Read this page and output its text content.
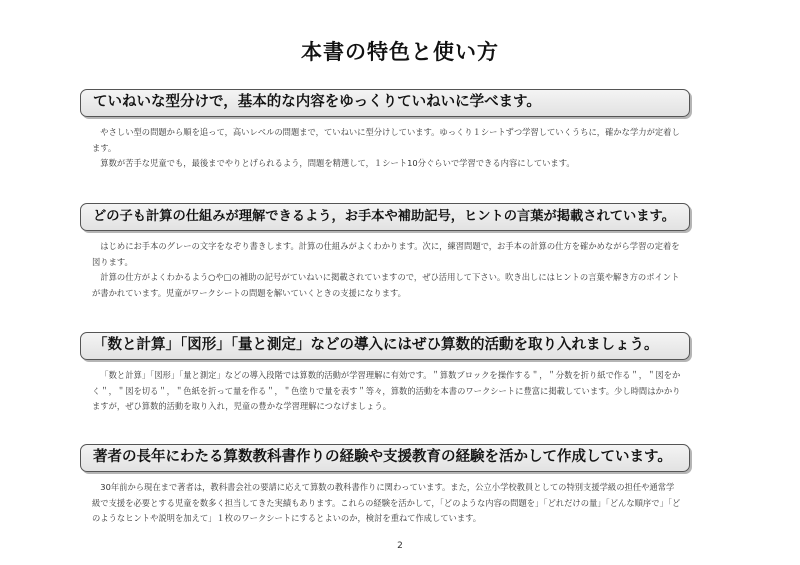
本書の特色と使い方
ていねいな型分けで，基本的な内容をゆっくりていねいに学べます。

やさしい型の問題から順を追って，高いレベルの問題まで，ていねいに型分けしています。ゆっくり１シートずつ学習していくうちに，確かな学力が定着します。

算数が苦手な児童でも，最後までやりとげられるよう，問題を精選して，１シート10分ぐらいで学習できる内容にしています。

どの子も計算の仕組みが理解できるよう，お手本や補助記号，ヒントの言葉が掲載されています。

はじめにお手本のグレーの文字をなぞり書きします。計算の仕組みがよくわかります。次に，練習問題で，お手本の計算の仕方を確かめながら学習の定着を図ります。

計算の仕方がよくわかるよう○や□の補助の記号がていねいに掲載されていますので，ぜひ活用して下さい。吹き出しにはヒントの言葉や解き方のポイントが書かれています。児童がワークシートの問題を解いていくときの支援になります。

「数と計算」「図形」「量と測定」などの導入にはぜひ算数的活動を取り入れましょう。

「数と計算」「図形」「量と測定」などの導入段階では算数的活動が学習理解に有効です。＂算数ブロックを操作する＂，＂分数を折り紙で作る＂，＂図をかく＂，＂図を切る＂，＂色紙を折って量を作る＂，＂色塗りで量を表す＂等々，算数的活動を本書のワークシートに豊富に掲載しています。少し時間はかかりますが，ぜひ算数的活動を取り入れ，児童の豊かな学習理解につなげましょう。

著者の長年にわたる算数教科書作りの経験や支援教育の経験を活かして作成しています。

30年前から現在まで著者は，教科書会社の要請に応えて算数の教科書作りに関わっています。また，公立小学校教員としての特別支援学級の担任や通常学級で支援を必要とする児童を数多く担当してきた実績もあります。これらの経験を活かして，「どのような内容の問題を」「どれだけの量」「どんな順序で」「どのようなヒントや説明を加えて」１枚のワークシートにするとよいのか，検討を重ねて作成しています。

2
